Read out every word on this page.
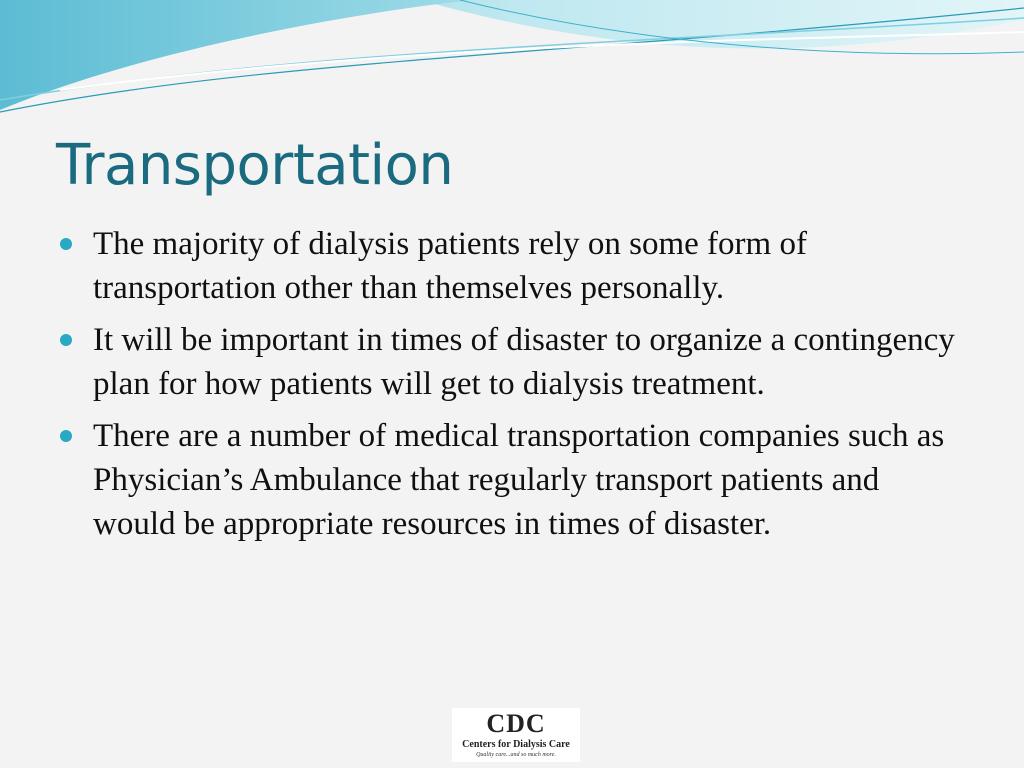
Transportation
The majority of dialysis patients rely on some form of transportation other than themselves personally.
It will be important in times of disaster to organize a contingency plan for how patients will get to dialysis treatment.
There are a number of medical transportation companies such as Physician’s Ambulance that regularly transport patients and would be appropriate resources in times of disaster.
CDC
Centers for Dialysis Care
Quality care...and so much more.
